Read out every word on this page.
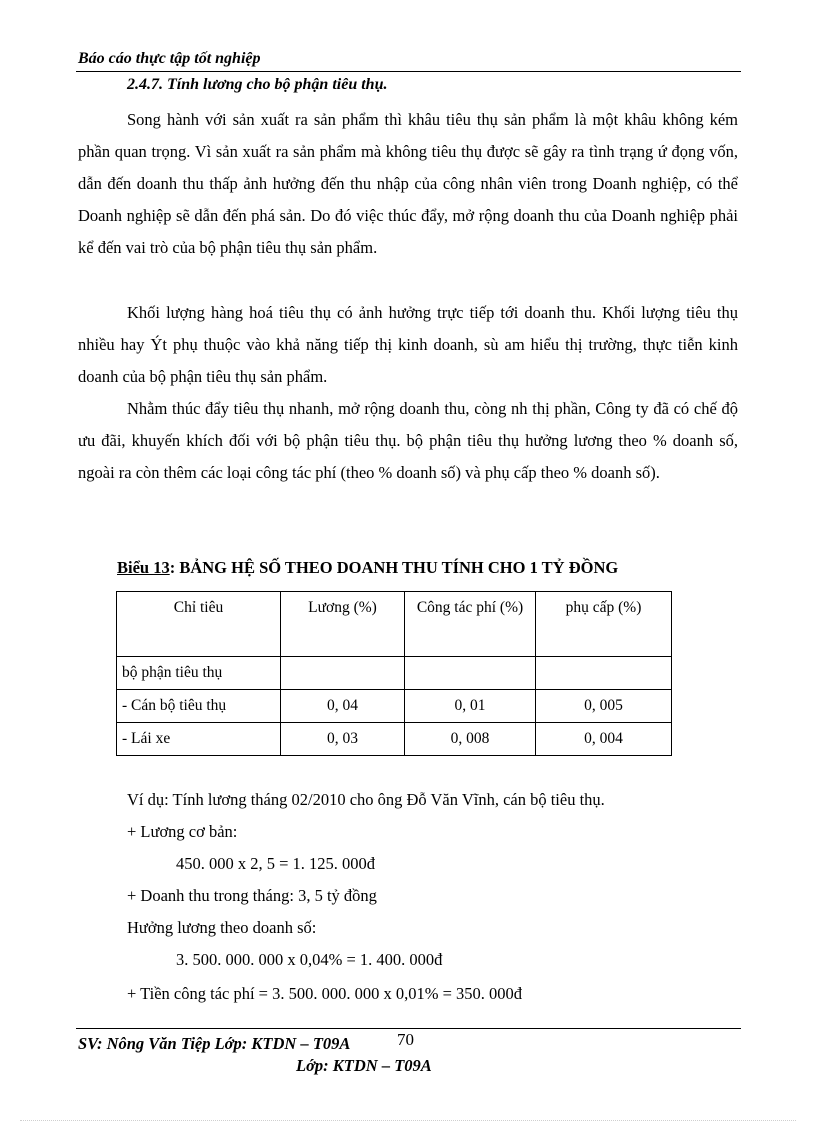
Báo cáo thực tập tốt nghiệp
2.4.7. Tính lương cho bộ phận tiêu thụ.
Song hành với sản xuất ra sản phẩm thì khâu tiêu thụ sản phẩm là một khâu không kém phần quan trọng. Vì sản xuất ra sản phẩm mà không tiêu thụ được sẽ gây ra tình trạng ứ đọng vốn, dẫn đến doanh thu thấp ảnh hưởng đến thu nhập của công nhân viên trong Doanh nghiệp, có thể Doanh nghiệp sẽ dẫn đến phá sản. Do đó việc thúc đẩy, mở rộng doanh thu của Doanh nghiệp phải kể đến vai trò của bộ phận tiêu thụ sản phẩm.
Khối lượng hàng hoá tiêu thụ có ảnh hưởng trực tiếp tới doanh thu. Khối lượng tiêu thụ nhiều hay Ýt phụ thuộc vào khả năng tiếp thị kinh doanh, sù am hiểu thị trường, thực tiễn kinh doanh của bộ phận tiêu thụ sản phẩm.
Nhằm thúc đẩy tiêu thụ nhanh, mở rộng doanh thu, còng nh thị phần, Công ty đã có chế độ ưu đãi, khuyến khích đối với bộ phận tiêu thụ. bộ phận tiêu thụ hưởng lương theo % doanh số, ngoài ra còn thêm các loại công tác phí (theo % doanh số) và phụ cấp theo % doanh số).
Biểu 13: BẢNG HỆ SỐ THEO DOANH THU TÍNH CHO 1 TỶ ĐỒNG
Chỉ tiêu	Lương (%)	Công tác phí (%)	phụ cấp (%)
bộ phận tiêu thụ			
- Cán bộ tiêu thụ	0, 04	0, 01	0, 005
- Lái xe	0, 03	0, 008	0, 004
Ví dụ: Tính lương tháng 02/2010 cho ông Đỗ Văn Vĩnh, cán bộ tiêu thụ.
+ Lương cơ bản:
450. 000 x 2, 5 = 1. 125. 000đ
+ Doanh thu trong tháng: 3, 5 tỷ đồng
Hưởng lương theo doanh số:
3. 500. 000. 000 x 0,04% = 1. 400. 000đ
+ Tiền công tác phí = 3. 500. 000. 000 x 0,01% = 350. 000đ
SV: Nông Văn Tiệp Lớp: KTDN – T09A	70
Lớp: KTDN – T09A
